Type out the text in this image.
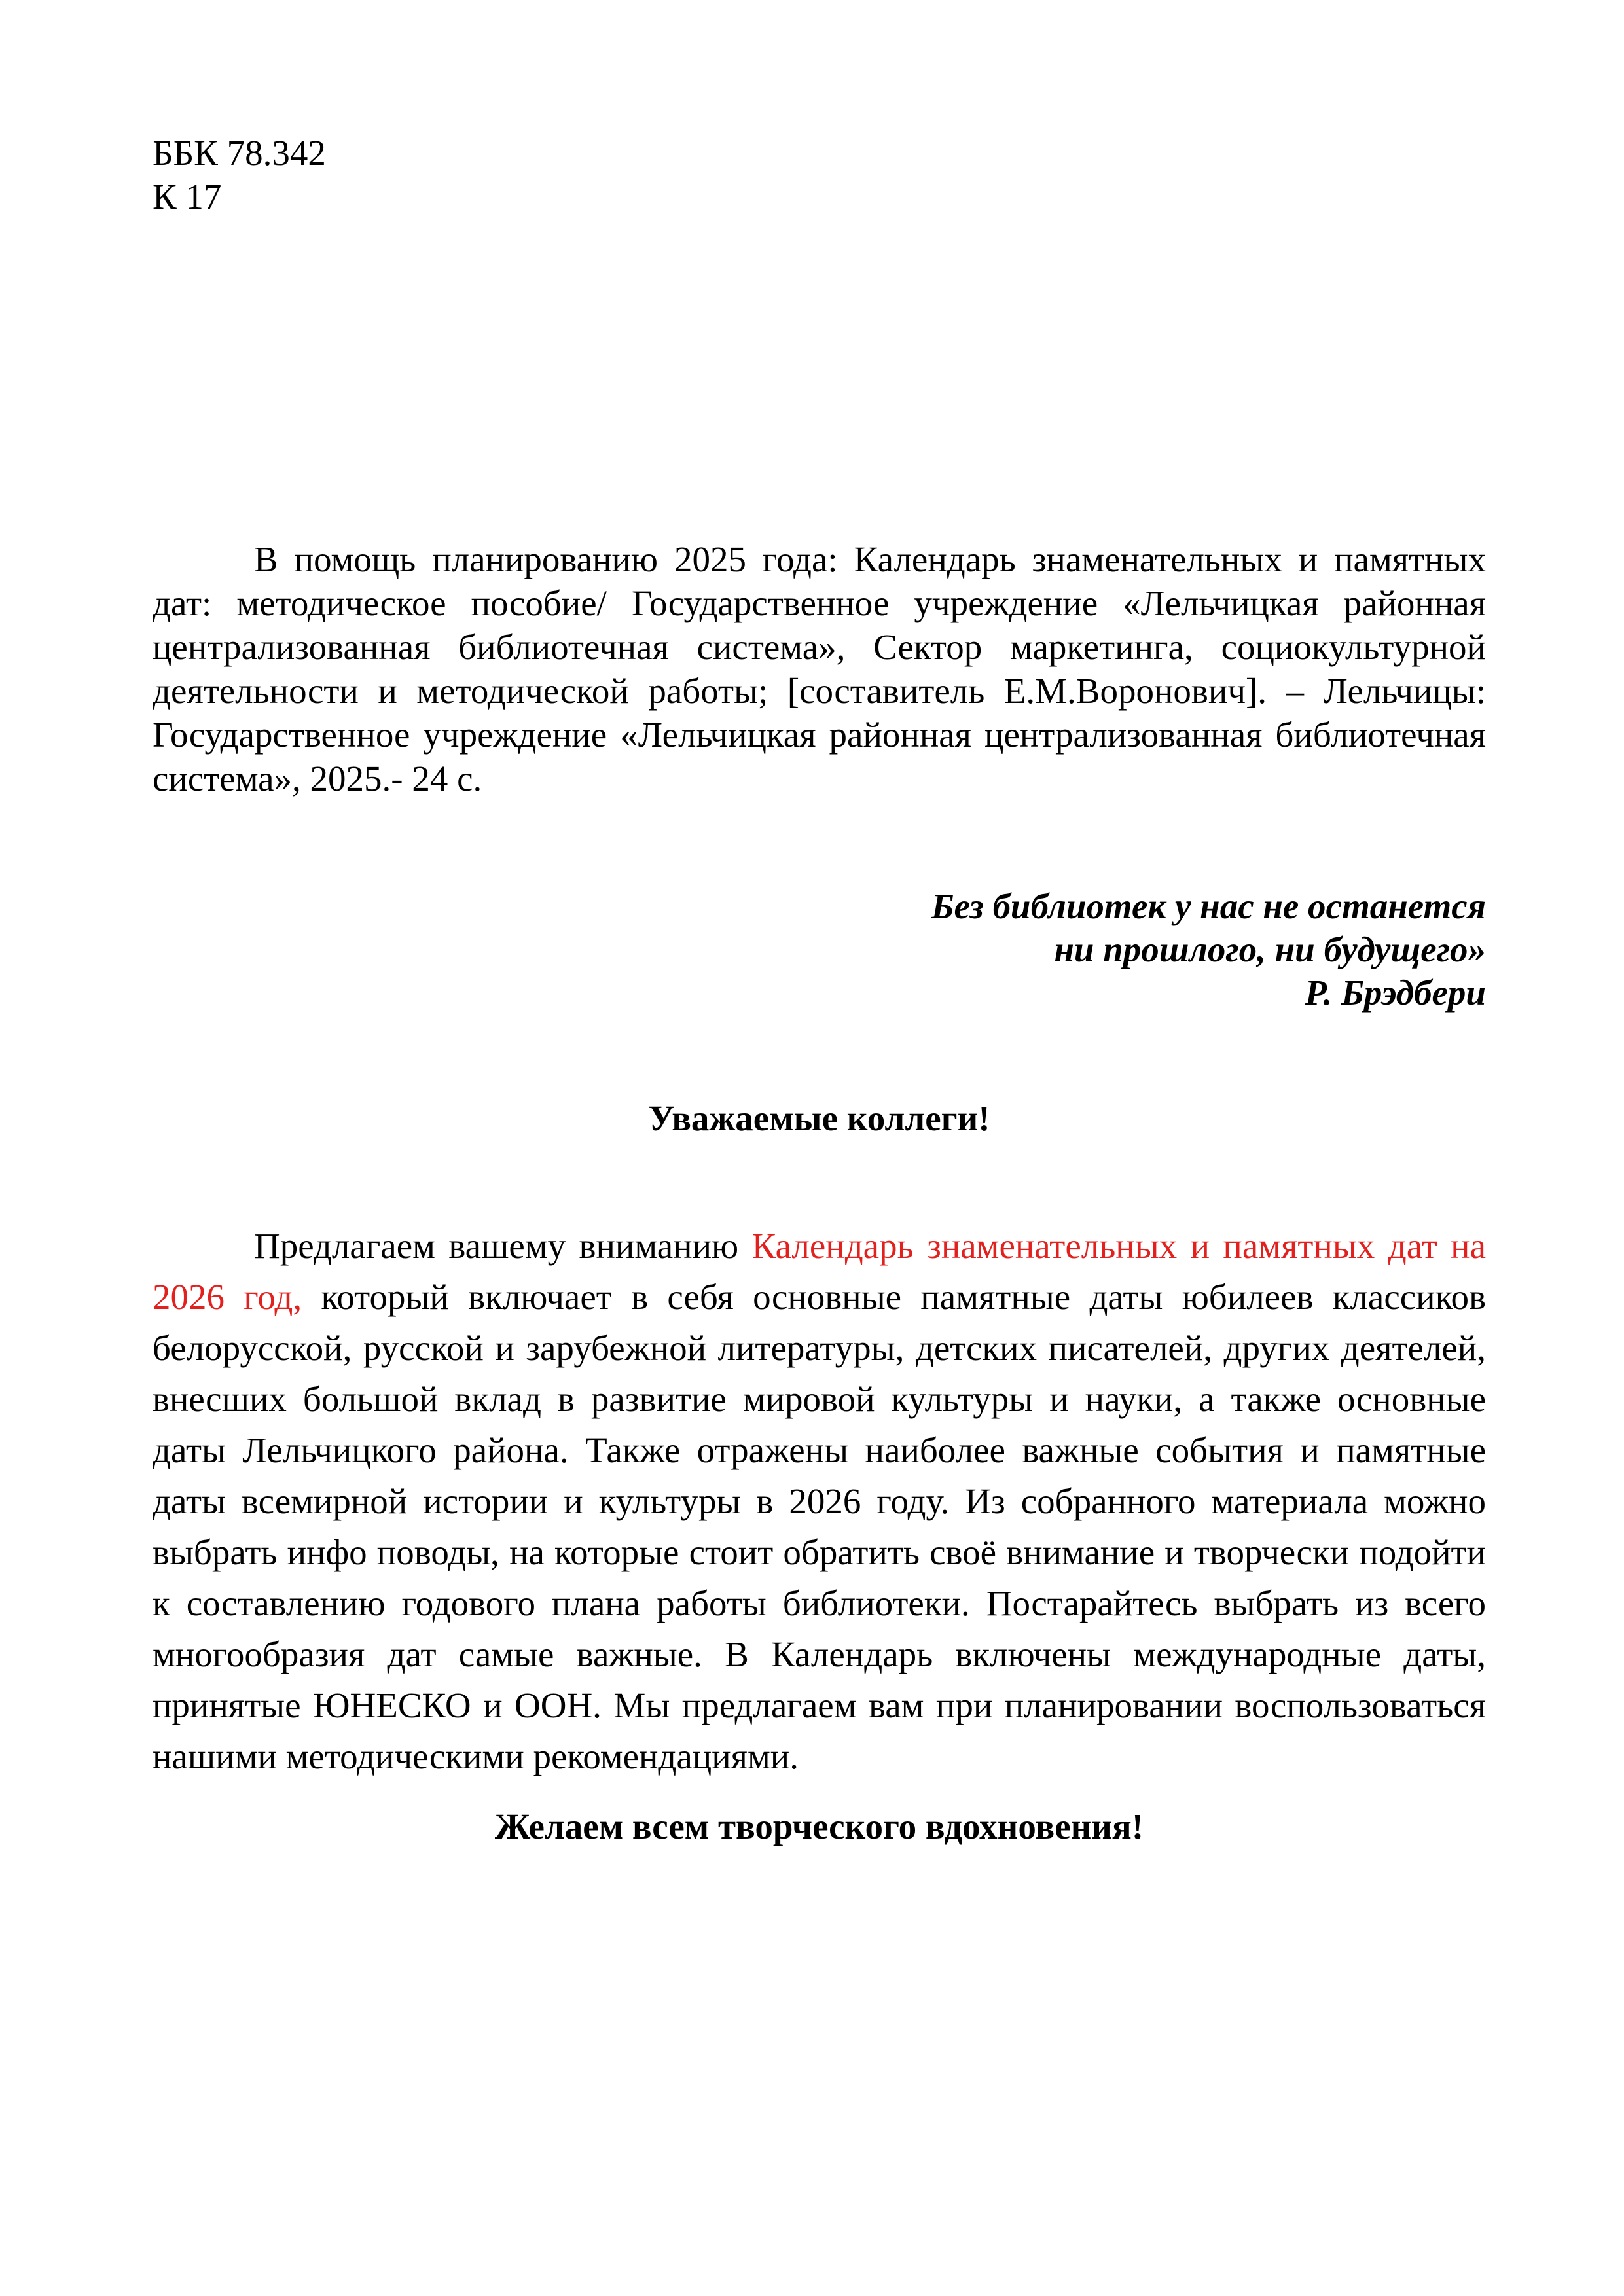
ББК 78.342
К 17

В помощь планированию 2025 года: Календарь знаменательных и памятных дат: методическое пособие/ Государственное учреждение «Лельчицкая районная централизованная библиотечная система», Сектор маркетинга, социокультурной деятельности и методической работы; [составитель Е.М.Воронович]. – Лельчицы: Государственное учреждение «Лельчицкая районная централизованная библиотечная система», 2025.- 24 с.

Без библиотек у нас не останется
ни прошлого, ни будущего»
Р. Брэдбери
Уважаемые коллеги!

Предлагаем вашему вниманию Календарь знаменательных и памятных дат на 2026 год, который включает в себя основные памятные даты юбилеев классиков белорусской, русской и зарубежной литературы, детских писателей, других деятелей, внесших большой вклад в развитие мировой культуры и науки, а также основные даты Лельчицкого района. Также отражены наиболее важные события и памятные даты всемирной истории и культуры в 2026 году. Из собранного материала можно выбрать инфо поводы, на которые стоит обратить своё внимание и творчески подойти к составлению годового плана работы библиотеки. Постарайтесь выбрать из всего многообразия дат самые важные. В Календарь включены международные даты, принятые ЮНЕСКО и ООН. Мы предлагаем вам при планировании воспользоваться нашими методическими рекомендациями.

Желаем всем творческого вдохновения!
